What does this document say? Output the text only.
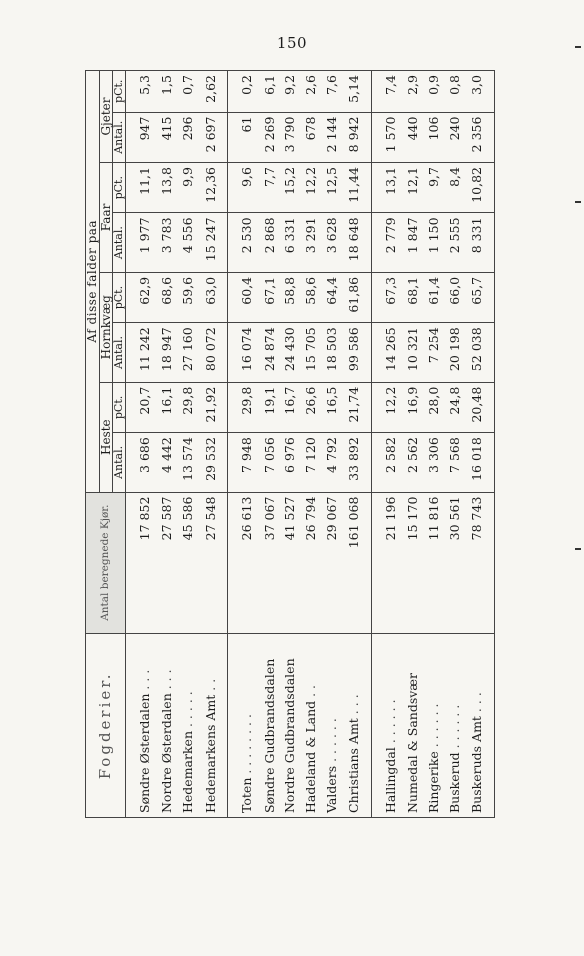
150
Fogderier.	Antal beregnede Kjør.	Af disse falder paa							
		Heste		Hornkvæg		Faar		Gjeter	
		Antal.	pCt.	Antal.	pCt.	Antal.	pCt.	Antal.	pCt.
Søndre Østerdalen . . .	17 852	3 686	20,7	11 242	62,9	1 977	11,1	947	5,3
Nordre Østerdalen . . .	27 587	4 442	16,1	18 947	68,6	3 783	13,8	415	1,5
Hedemarken . . . . .	45 586	13 574	29,8	27 160	59,6	4 556	9,9	296	0,7
Hedemarkens Amt . .	27 548	29 532	21,92	80 072	63,0	15 247	12,36	2 697	2,62
Toten . . . . . . . .	26 613	7 948	29,8	16 074	60,4	2 530	9,6	61	0,2
Søndre Gudbrandsdalen	37 067	7 056	19,1	24 874	67,1	2 868	7,7	2 269	6,1
Nordre Gudbrandsdalen	41 527	6 976	16,7	24 430	58,8	6 331	15,2	3 790	9,2
Hadeland & Land . .	26 794	7 120	26,6	15 705	58,6	3 291	12,2	678	2,6
Valders . . . . . .	29 067	4 792	16,5	18 503	64,4	3 628	12,5	2 144	7,6
Christians Amt . . .	161 068	33 892	21,74	99 586	61,86	18 648	11,44	8 942	5,14
Hallingdal . . . . . .	21 196	2 582	12,2	14 265	67,3	2 779	13,1	1 570	7,4
Numedal & Sandsvær	15 170	2 562	16,9	10 321	68,1	1 847	12,1	440	2,9
Ringerike . . . . . .	11 816	3 306	28,0	7 254	61,4	1 150	9,7	106	0,9
Buskerud . . . . . .	30 561	7 568	24,8	20 198	66,0	2 555	8,4	240	0,8
Buskeruds Amt . . .	78 743	16 018	20,48	52 038	65,7	8 331	10,82	2 356	3,0
